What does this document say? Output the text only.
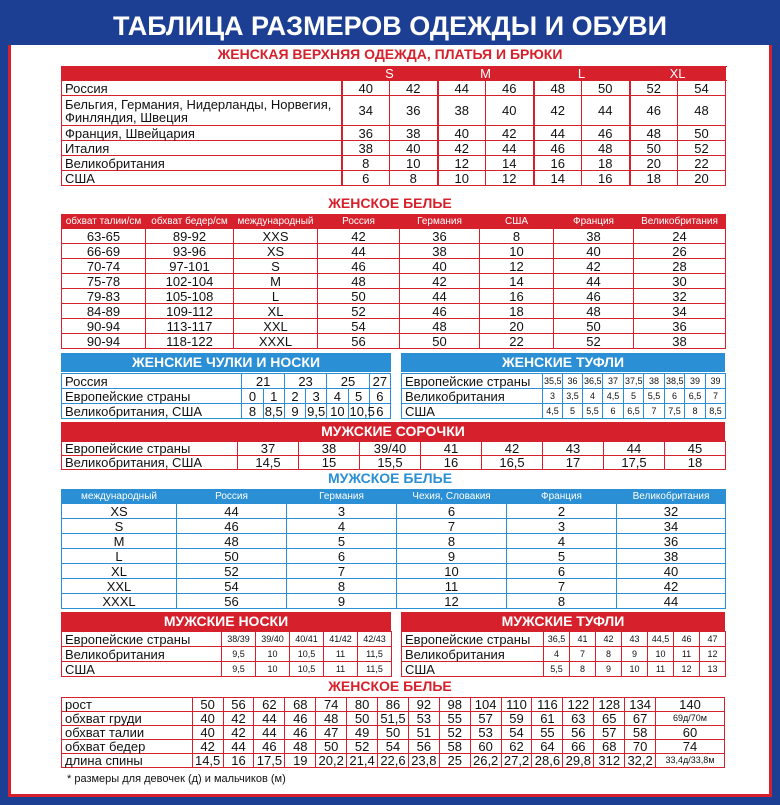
ТАБЛИЦА РАЗМЕРОВ ОДЕЖДЫ И ОБУВИ
ЖЕНСКАЯ ВЕРХНЯЯ ОДЕЖДА, ПЛАТЬЯ И БРЮКИ
	S		M		L		XL	
Россия	40	42	44	46	48	50	52	54	
Бельгия, Германия, Нидерланды, Норвегия, Финляндия, Швеция	34	36	38	40	42	44	46	48	
Франция, Швейцария	36	38	40	42	44	46	48	50	
Италия	38	40	42	44	46	48	50	52	
Великобритания	8	10	12	14	16	18	20	22	
США	6	8	10	12	14	16	18	20	
ЖЕНСКОЕ БЕЛЬЕ
обхват талии/см	обхват бедер/см	международный	Россия	Германия	США	Франция	Великобритания
63-65	89-92	XXS	42	36	8	38	24
66-69	93-96	XS	44	38	10	40	26
70-74	97-101	S	46	40	12	42	28
75-78	102-104	M	48	42	14	44	30
79-83	105-108	L	50	44	16	46	32
84-89	109-112	XL	52	46	18	48	34
90-94	113-117	XXL	54	48	20	50	36
90-94	118-122	XXXL	56	50	22	52	38
ЖЕНСКИЕ ЧУЛКИ И НОСКИ
Россия	21		23		25		27
Европейские страны	0	1	2	3	4	5	6
Великобритания, США	8	8,5	9	9,5	10	10,5	6
ЖЕНСКИЕ ТУФЛИ
Европейские страны	35,5	36	36,5	37	37,5	38	38,5	39	39
Великобритания	3	3,5	4	4,5	5	5,5	6	6,5	7
США	4,5	5	5,5	6	6,5	7	7,5	8	8,5
МУЖСКИЕ СОРОЧКИ
Европейские страны	37	38	39/40	41	42	43	44	45
Великобритания, США	14,5	15	15,5	16	16,5	17	17,5	18
МУЖСКОЕ БЕЛЬЕ
международный	Россия	Германия	Чехия, Словакия	Франция	Великобритания
XS	44	3	6	2	32
S	46	4	7	3	34
M	48	5	8	4	36
L	50	6	9	5	38
XL	52	7	10	6	40
XXL	54	8	11	7	42
XXXL	56	9	12	8	44
МУЖСКИЕ НОСКИ
Европейские страны	38/39	39/40	40/41	41/42	42/43
Великобритания	9,5	10	10,5	11	11,5
США	9,5	10	10,5	11	11,5
МУЖСКИЕ ТУФЛИ
Европейские страны	36,5	41	42	43	44,5	46	47
Великобритания	4	7	8	9	10	11	12
США	5,5	8	9	10	11	12	13
ЖЕНСКОЕ БЕЛЬЕ
рост	50	56	62	68	74	80	86	92	98	104	110	116	122	128	134	140
обхват груди	40	42	44	46	48	50	51,5	53	55	57	59	61	63	65	67	69д/70м
обхват талии	40	42	44	46	47	49	50	51	52	53	54	55	56	57	58	60
обхват бедер	42	44	46	48	50	52	54	56	58	60	62	64	66	68	70	74
длина спины	14,5	16	17,5	19	20,2	21,4	22,6	23,8	25	26,2	27,2	28,6	29,8	312	32,2	33,4д/33,8м
* размеры для девочек (д) и мальчиков (м)
